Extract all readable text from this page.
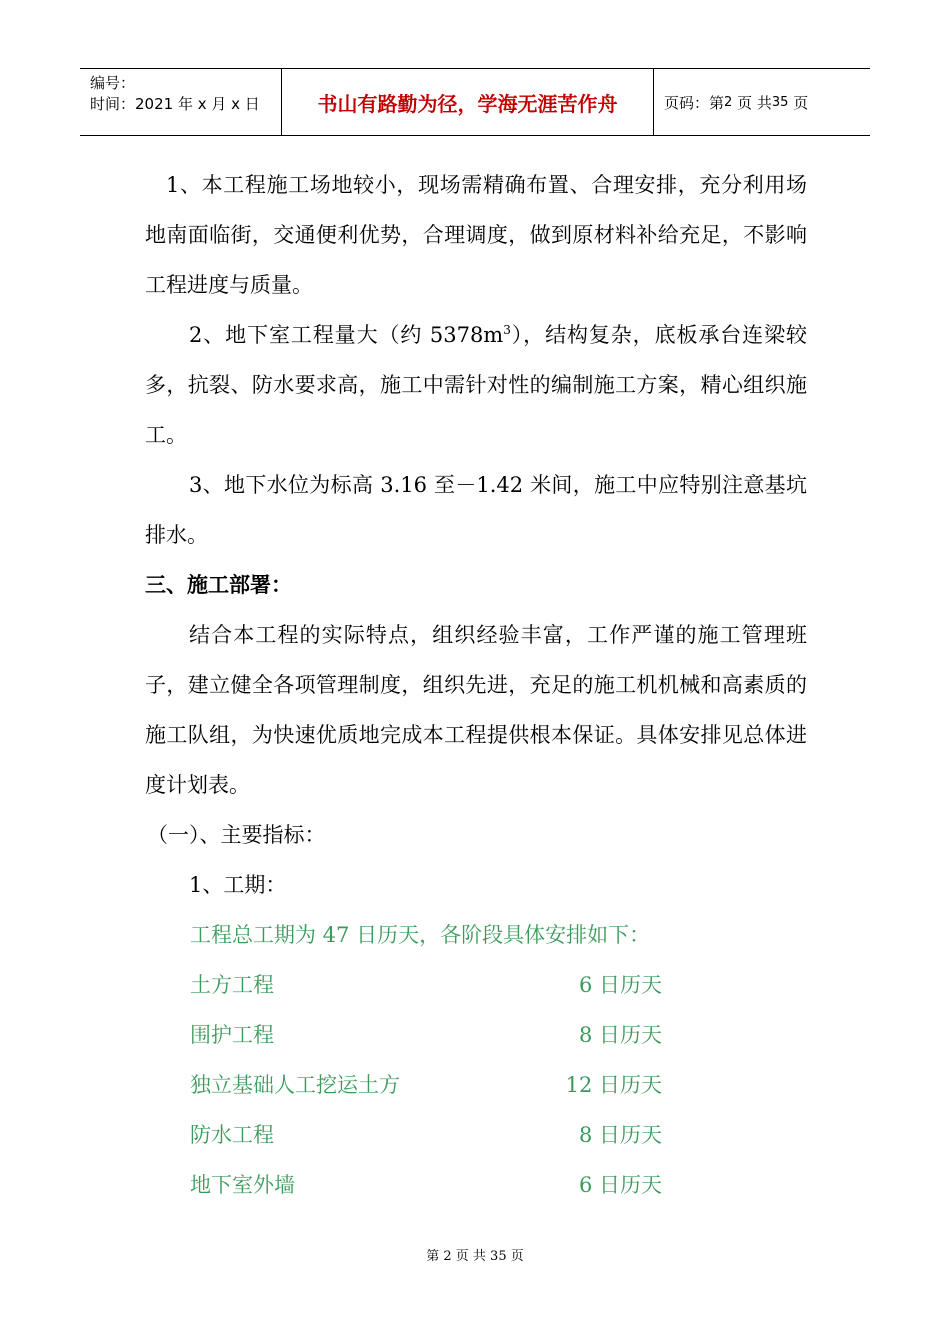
编号：
时间：2021 年 x 月 x 日	书山有路勤为径，学海无涯苦作舟	页码：第 2
页 共 35
页

1、本工程施工场地较小，现场需精确布置、合理安排，充分利用场地南面临街，交通便利优势，合理调度，做到原材料补给充足，不影响工程进度与质量。

2、地下室工程量大（约 $5378m^3$），结构复杂，底板承台连梁较多，抗裂、防水要求高，施工中需针对性的编制施工方案，精心组织施工。

3、地下水位为标高 3.16 至－1.42 米间，施工中应特别注意基坑排水。

三、施工部署：

结合本工程的实际特点，组织经验丰富，工作严谨的施工管理班子，建立健全各项管理制度，组织先进，充足的施工机机械和高素质的施工队组，为快速优质地完成本工程提供根本保证。具体安排见总体进度计划表。

（一）、主要指标：

1、工期：

工程总工期为 47 日历天，各阶段具体安排如下：

土方工程	6 日历天
围护工程	8 日历天
独立基础人工挖运土方	12 日历天
防水工程	8 日历天
地下室外墙	6 日历天
第 2 页 共 35 页
